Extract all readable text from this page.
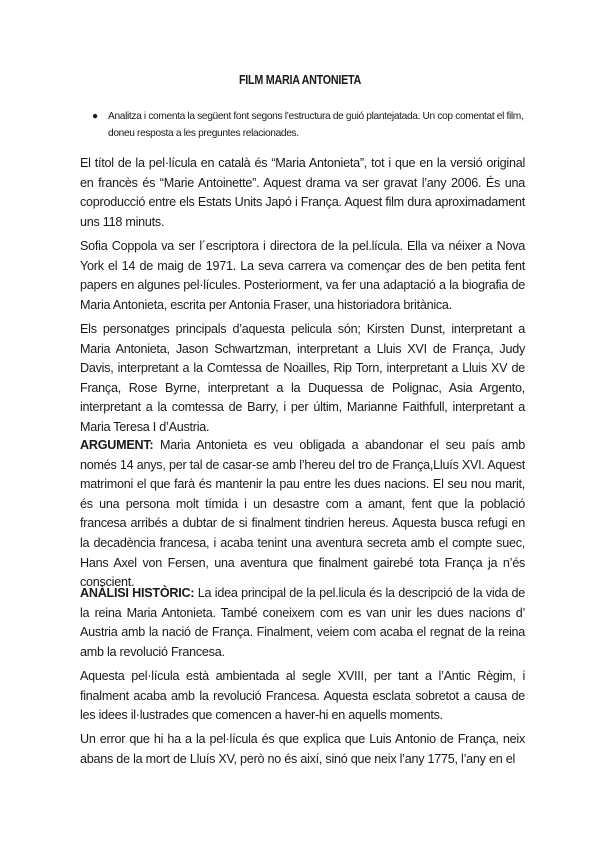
FILM MARIA ANTONIETA
● Analitza i comenta la següent font segons l’estructura de guió plantejatada. Un cop comentat el film,
doneu resposta a les preguntes relacionades.
El títol de la pel·lícula en català és “Maria Antonieta”, tot i que en la versió original en francès és “Marie Antoinette”. Aquest drama va ser gravat l’any 2006. És una coproducció entre els Estats Units Japó i França. Aquest film dura aproximadament uns 118 minuts.
Sofia Coppola va ser l´escriptora i directora de la pel.lícula. Ella va néixer a Nova York el 14 de maig de 1971. La seva carrera va començar des de ben petita fent papers en algunes pel·lícules. Posteriorment, va fer una adaptació a la biografia de Maria Antonieta, escrita per Antonia Fraser, una historiadora britànica.
Els personatges principals d’aquesta pelicula són; Kirsten Dunst, interpretant a Maria Antonieta, Jason Schwartzman, interpretant a Lluis XVI de França, Judy Davis, interpretant a la Comtessa de Noailles, Rip Torn, interpretant a Lluis XV de França, Rose Byrne, interpretant a la Duquessa de Polignac, Asia Argento, interpretant a la comtessa de Barry, i per últim, Marianne Faithfull, interpretant a Maria Teresa I d’Austria.
ARGUMENT: Maria Antonieta es veu obligada a abandonar el seu país amb només 14 anys, per tal de casar-se amb l’hereu del tro de França,Lluís XVI. Aquest matrimoni el que farà és mantenir la pau entre les dues nacions. El seu nou marit, és una persona molt tímida i un desastre com a amant, fent que la població francesa arribés a dubtar de si finalment tindrien hereus. Aquesta busca refugi en la decadència francesa, i acaba tenint una aventura secreta amb el compte suec, Hans Axel von Fersen, una aventura que finalment gairebé tota França ja n’és conscient.
ANÀLISI HISTÒRIC: La idea principal de la pel.licula és la descripció de la vida de la reina Maria Antonieta. També coneixem com es van unir les dues nacions d’ Austria amb la nació de França. Finalment, veiem com acaba el regnat de la reina amb la revolució Francesa.
Aquesta pel·lícula està ambientada al segle XVIII, per tant a l’Antic Règim, i finalment acaba amb la revolució Francesa. Aquesta esclata sobretot a causa de les idees il·lustrades que comencen a haver-hi en aquells moments.
Un error que hi ha a la pel·lícula és que explica que Luis Antonio de França, neix abans de la mort de Lluís XV, però no és així, sinó que neix l’any 1775, l’any en el
